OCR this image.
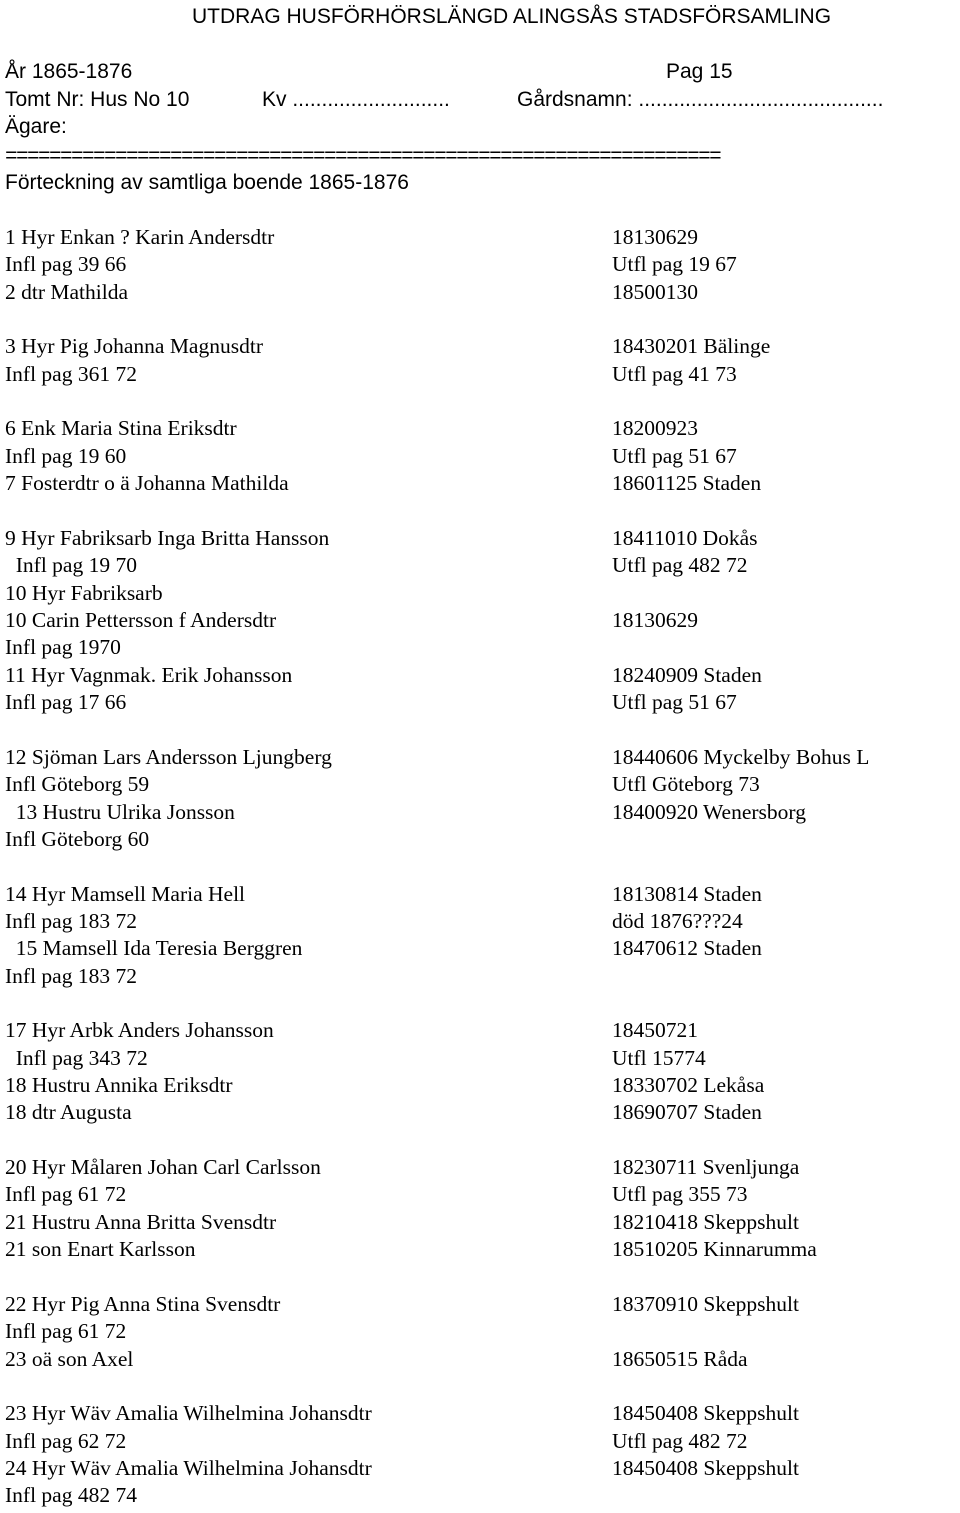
UTDRAG HUSFÖRHÖRSLÄNGD ALINGSÅS STADSFÖRSAMLING
År 1865-1876	Pag 15
Tomt Nr: Hus No 10	Kv ...........................	Gårdsnamn: ..........................................
Ägare:
=================================================================
Förteckning av samtliga boende 1865-1876
1 Hyr Enkan ? Karin Andersdtr	18130629
Infl pag 39 66	Utfl pag 19 67
2 dtr Mathilda	18500130
3 Hyr Pig Johanna Magnusdtr	18430201 Bälinge
Infl pag 361 72	Utfl pag 41 73
6 Enk Maria Stina Eriksdtr	18200923
Infl pag 19 60	Utfl pag 51 67
7 Fosterdtr o ä Johanna Mathilda	18601125 Staden
9 Hyr Fabriksarb Inga Britta Hansson	18411010 Dokås
Infl pag 19 70	Utfl pag 482 72
10 Hyr Fabriksarb
10 Carin Pettersson f Andersdtr	18130629
Infl pag 1970
11 Hyr Vagnmak. Erik Johansson	18240909 Staden
Infl pag 17 66	Utfl pag 51 67
12 Sjöman Lars Andersson Ljungberg	18440606 Myckelby Bohus L
Infl Göteborg 59	Utfl Göteborg 73
13 Hustru Ulrika Jonsson	18400920 Wenersborg
Infl Göteborg 60
14 Hyr Mamsell Maria Hell	18130814 Staden
Infl pag 183 72	död 1876???24
15 Mamsell Ida Teresia Berggren	18470612 Staden
Infl pag 183 72
17 Hyr Arbk Anders Johansson	18450721
Infl pag 343 72	Utfl 15774
18 Hustru Annika Eriksdtr	18330702 Lekåsa
18 dtr Augusta	18690707 Staden
20 Hyr Målaren Johan Carl Carlsson	18230711 Svenljunga
Infl pag 61 72	Utfl pag 355 73
21 Hustru Anna Britta Svensdtr	18210418 Skeppshult
21 son Enart Karlsson	18510205 Kinnarumma
22 Hyr Pig Anna Stina Svensdtr	18370910 Skeppshult
Infl pag 61 72
23 oä son Axel	18650515 Råda
23 Hyr Wäv Amalia Wilhelmina Johansdtr	18450408 Skeppshult
Infl pag 62 72	Utfl pag 482 72
24 Hyr Wäv Amalia Wilhelmina Johansdtr	18450408 Skeppshult
Infl pag 482 74
